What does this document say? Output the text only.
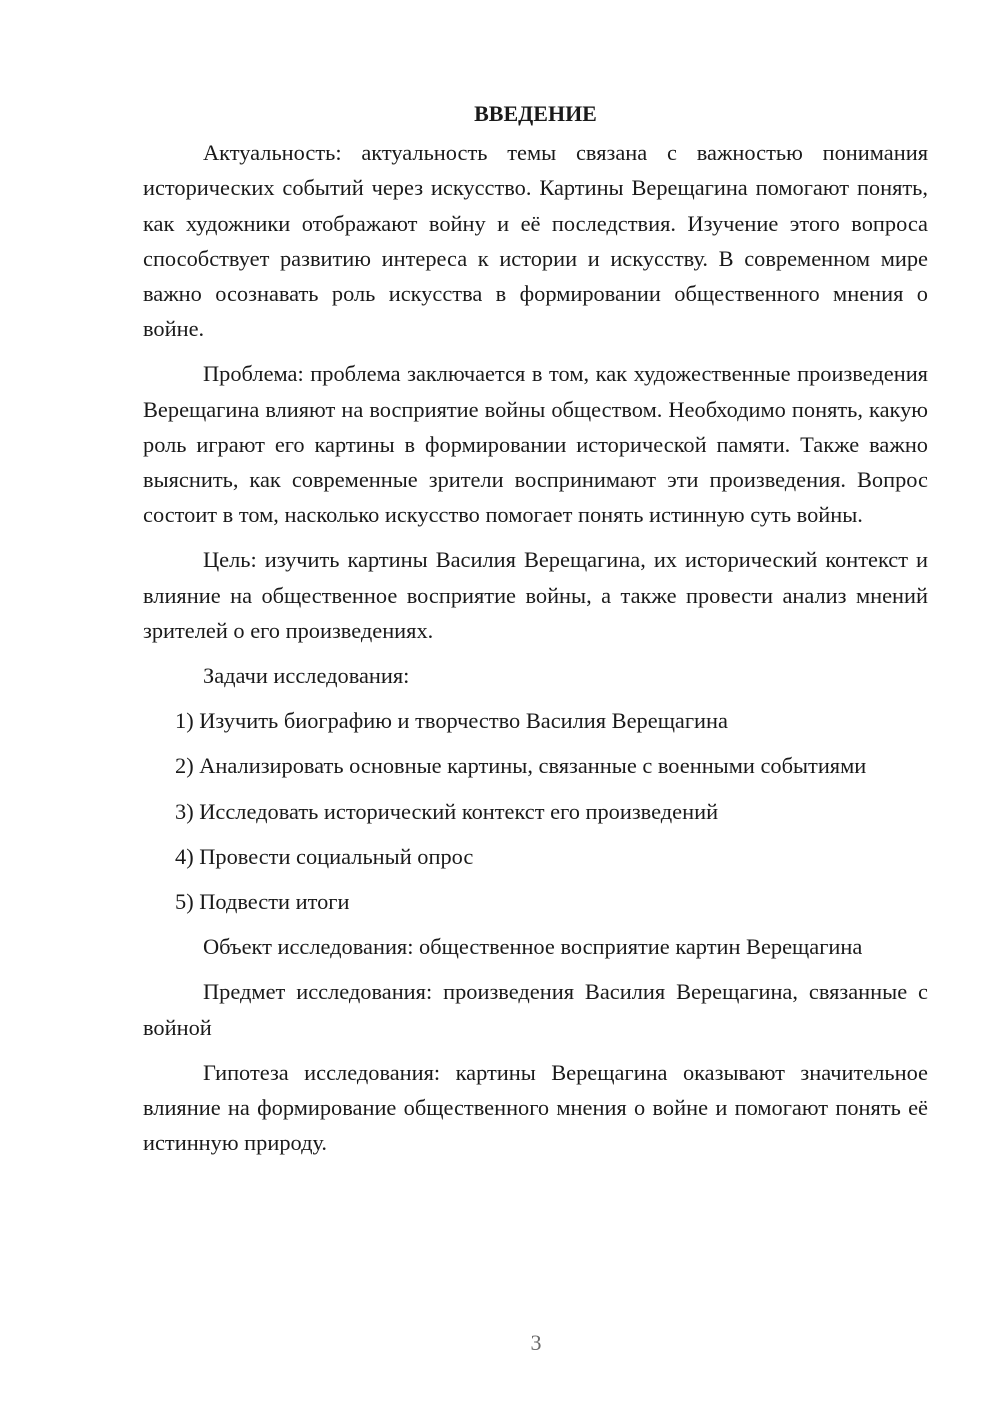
ВВЕДЕНИЕ

Актуальность: актуальность темы связана с важностью понимания исторических событий через искусство. Картины Верещагина помогают понять, как художники отображают войну и её последствия. Изучение этого вопроса способствует развитию интереса к истории и искусству. В современном мире важно осознавать роль искусства в формировании общественного мнения о войне.

Проблема: проблема заключается в том, как художественные произведения Верещагина влияют на восприятие войны обществом. Необходимо понять, какую роль играют его картины в формировании исторической памяти. Также важно выяснить, как современные зрители воспринимают эти произведения. Вопрос состоит в том, насколько искусство помогает понять истинную суть войны.

Цель: изучить картины Василия Верещагина, их исторический контекст и влияние на общественное восприятие войны, а также провести анализ мнений зрителей о его произведениях.

Задачи исследования:

1) Изучить биографию и творчество Василия Верещагина

2) Анализировать основные картины, связанные с военными событиями

3) Исследовать исторический контекст его произведений

4) Провести социальный опрос

5) Подвести итоги

Объект исследования: общественное восприятие картин Верещагина

Предмет исследования: произведения Василия Верещагина, связанные с войной

Гипотеза исследования: картины Верещагина оказывают значительное влияние на формирование общественного мнения о войне и помогают понять её истинную природу.

3
